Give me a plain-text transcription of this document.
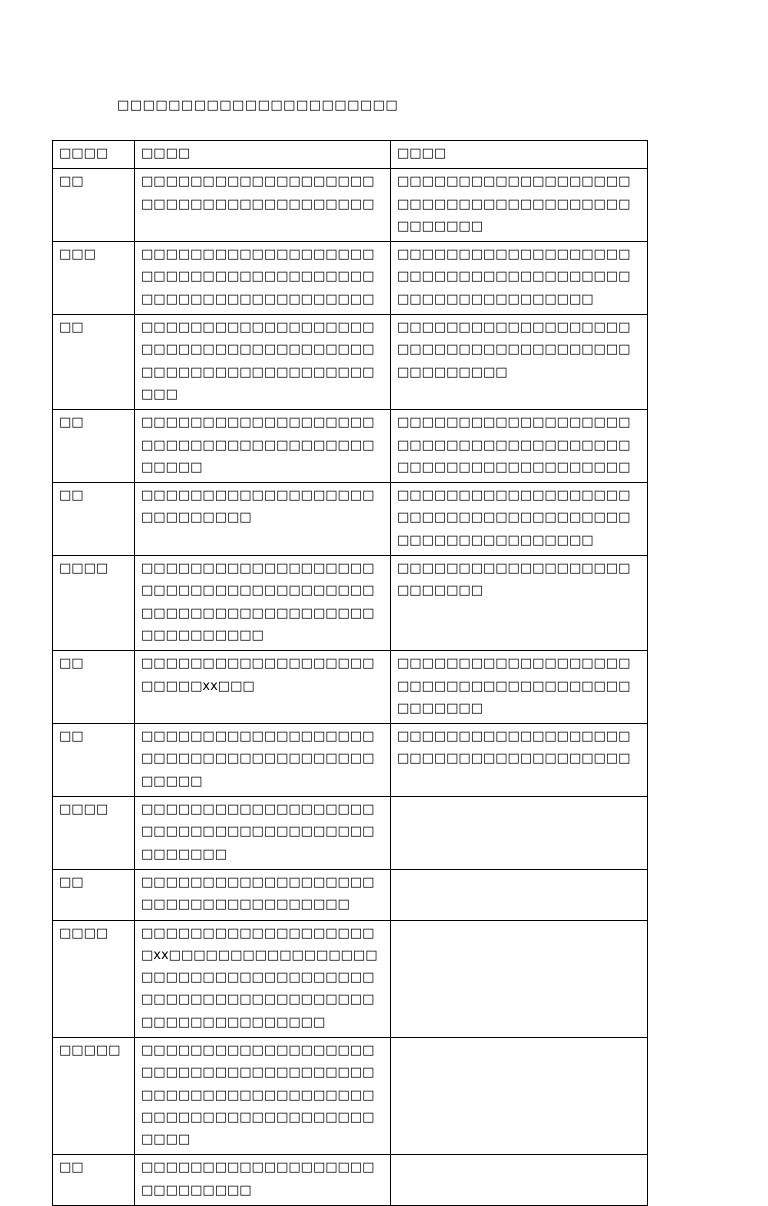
□□□□□□□□□□□□□□□□□□□□□□
□□□□	□□□□	□□□□
□□	□□□□□□□□□□□□□□□□□□□□□□□□□□□□□□□□□□□□□□	□□□□□□□□□□□□□□□□□□□□□□□□□□□□□□□□□□□□□□□□□□□□□
□□□	□□□□□□□□□□□□□□□□□□□□□□□□□□□□□□□□□□□□□□□□□□□□□□□□□□□□□□□□□	□□□□□□□□□□□□□□□□□□□□□□□□□□□□□□□□□□□□□□□□□□□□□□□□□□□□□□
□□	□□□□□□□□□□□□□□□□□□□□□□□□□□□□□□□□□□□□□□□□□□□□□□□□□□□□□□□□□□□□	□□□□□□□□□□□□□□□□□□□□□□□□□□□□□□□□□□□□□□□□□□□□□□□
□□	□□□□□□□□□□□□□□□□□□□□□□□□□□□□□□□□□□□□□□□□□□□	□□□□□□□□□□□□□□□□□□□□□□□□□□□□□□□□□□□□□□□□□□□□□□□□□□□□□□□□□
□□	□□□□□□□□□□□□□□□□□□□□□□□□□□□□	□□□□□□□□□□□□□□□□□□□□□□□□□□□□□□□□□□□□□□□□□□□□□□□□□□□□□□
□□□□	□□□□□□□□□□□□□□□□□□□□□□□□□□□□□□□□□□□□□□□□□□□□□□□□□□□□□□□□□□□□□□□□□□□	□□□□□□□□□□□□□□□□□□□□□□□□□□
□□	□□□□□□□□□□□□□□□□□□□□□□□□xx□□□	□□□□□□□□□□□□□□□□□□□□□□□□□□□□□□□□□□□□□□□□□□□□□
□□	□□□□□□□□□□□□□□□□□□□□□□□□□□□□□□□□□□□□□□□□□□□	□□□□□□□□□□□□□□□□□□□□□□□□□□□□□□□□□□□□□□
□□□□	□□□□□□□□□□□□□□□□□□□□□□□□□□□□□□□□□□□□□□□□□□□□□	
□□	□□□□□□□□□□□□□□□□□□□□□□□□□□□□□□□□□□□□	
□□□□	□□□□□□□□□□□□□□□□□□□□xx□□□□□□□□□□□□□□□□□□□□□□□□□□□□□□□□□□□□□□□□□□□□□□□□□□□□□□□□□□□□□□□□□□□□□□	
□□□□□	□□□□□□□□□□□□□□□□□□□□□□□□□□□□□□□□□□□□□□□□□□□□□□□□□□□□□□□□□□□□□□□□□□□□□□□□□□□□□□□□	
□□	□□□□□□□□□□□□□□□□□□□□□□□□□□□□	
